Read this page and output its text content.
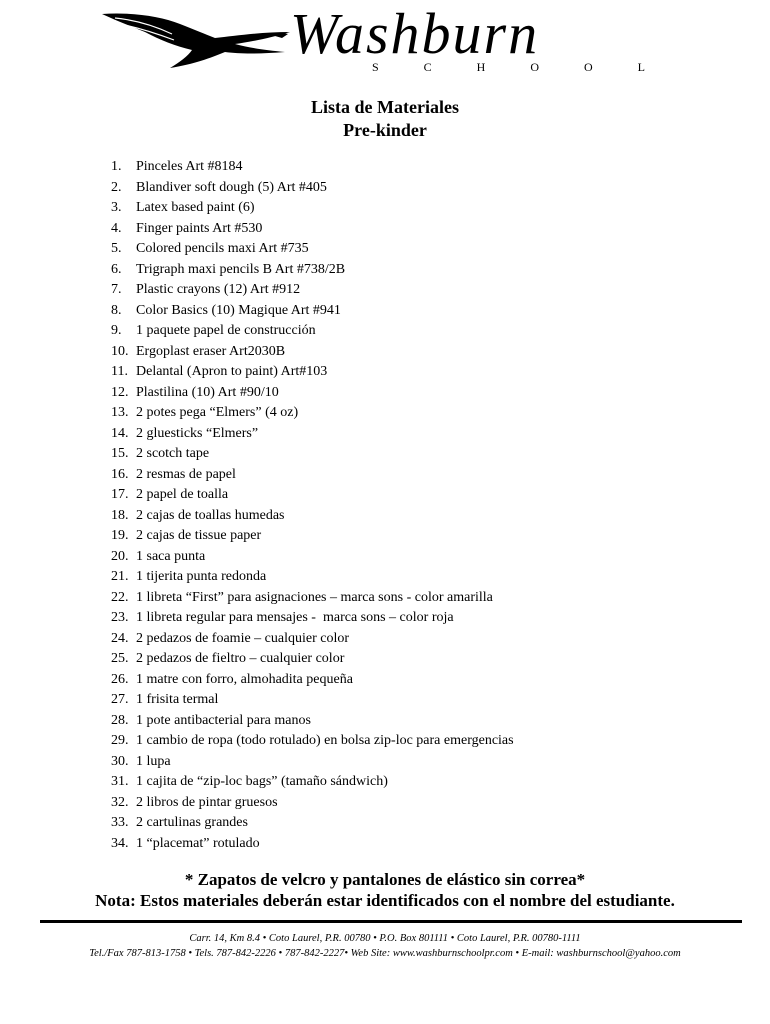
Washburn
S C H O O L
Lista de Materiales
Pre-kinder
1.	Pinceles Art #8184
2.	Blandiver soft dough (5) Art #405
3.	Latex based paint (6)
4.	Finger paints Art #530
5.	Colored pencils maxi Art #735
6.	Trigraph maxi pencils B Art #738/2B
7.	Plastic crayons (12) Art #912
8.	Color Basics (10) Magique Art #941
9.	1 paquete papel de construcción
10. Ergoplast eraser Art2030B
11. Delantal (Apron to paint) Art#103
12. Plastilina (10) Art #90/10
13. 2 potes pega “Elmers” (4 oz)
14. 2 gluesticks “Elmers”
15. 2 scotch tape
16. 2 resmas de papel
17. 2 papel de toalla
18. 2 cajas de toallas humedas
19. 2 cajas de tissue paper
20. 1 saca punta
21. 1 tijerita punta redonda
22. 1 libreta “First” para asignaciones – marca sons - color amarilla
23. 1 libreta regular para mensajes -  marca sons – color roja
24. 2 pedazos de foamie – cualquier color
25. 2 pedazos de fieltro – cualquier color
26. 1 matre con forro, almohadita pequeña
27. 1 frisita termal
28. 1 pote antibacterial para manos
29. 1 cambio de ropa (todo rotulado) en bolsa zip-loc para emergencias
30. 1 lupa
31. 1 cajita de “zip-loc bags” (tamaño sándwich)
32. 2 libros de pintar gruesos
33. 2 cartulinas grandes
34. 1 “placemat” rotulado
* Zapatos de velcro y pantalones de elástico sin correa*
Nota: Estos materiales deberán estar identificados con el nombre del estudiante.
Carr. 14, Km 8.4 • Coto Laurel, P.R. 00780 • P.O. Box 801111 • Coto Laurel, P.R. 00780-1111
Tel./Fax 787-813-1758 • Tels. 787-842-2226 • 787-842-2227• Web Site: www.washburnschoolpr.com • E-mail: washburnschool@yahoo.com
